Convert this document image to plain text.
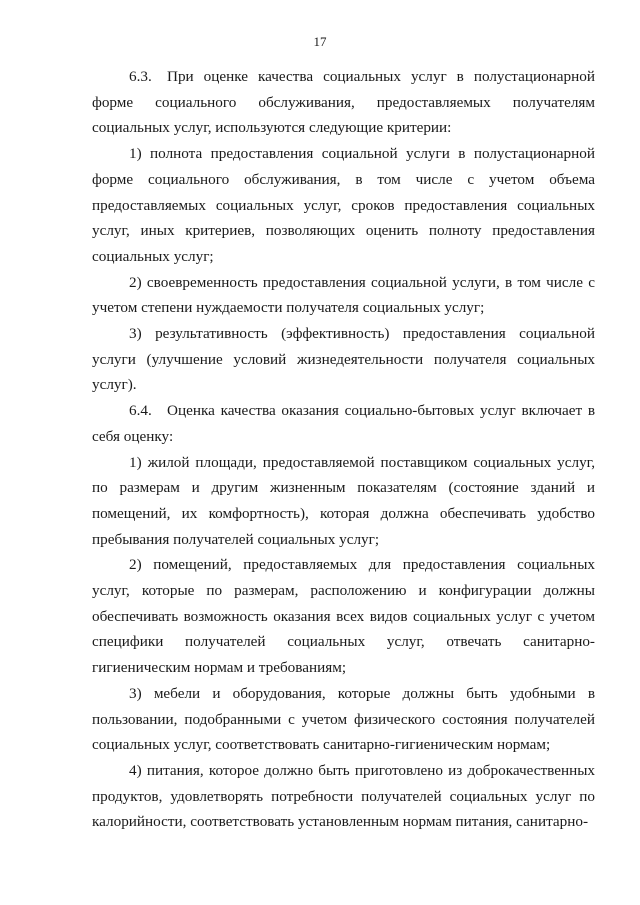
17

6.3. При оценке качества социальных услуг в полустационарной форме социального обслуживания, предоставляемых получателям социальных услуг, используются следующие критерии:

1) полнота предоставления социальной услуги в полустационарной форме социального обслуживания, в том числе с учетом объема предоставляемых социальных услуг, сроков предоставления социальных услуг, иных критериев, позволяющих оценить полноту предоставления социальных услуг;

2) своевременность предоставления социальной услуги, в том числе с учетом степени нуждаемости получателя социальных услуг;

3) результативность (эффективность) предоставления социальной услуги (улучшение условий жизнедеятельности получателя социальных услуг).

6.4. Оценка качества оказания социально-бытовых услуг включает в себя оценку:

1) жилой площади, предоставляемой поставщиком социальных услуг, по размерам и другим жизненным показателям (состояние зданий и помещений, их комфортность), которая должна обеспечивать удобство пребывания получателей социальных услуг;

2) помещений, предоставляемых для предоставления социальных услуг, которые по размерам, расположению и конфигурации должны обеспечивать возможность оказания всех видов социальных услуг с учетом специфики получателей социальных услуг, отвечать санитарно-гигиеническим нормам и требованиям;

3) мебели и оборудования, которые должны быть удобными в пользовании, подобранными с учетом физического состояния получателей социальных услуг, соответствовать санитарно-гигиеническим нормам;

4) питания, которое должно быть приготовлено из доброкачественных продуктов, удовлетворять потребности получателей социальных услуг по калорийности, соответствовать установленным нормам питания, санитарно-
